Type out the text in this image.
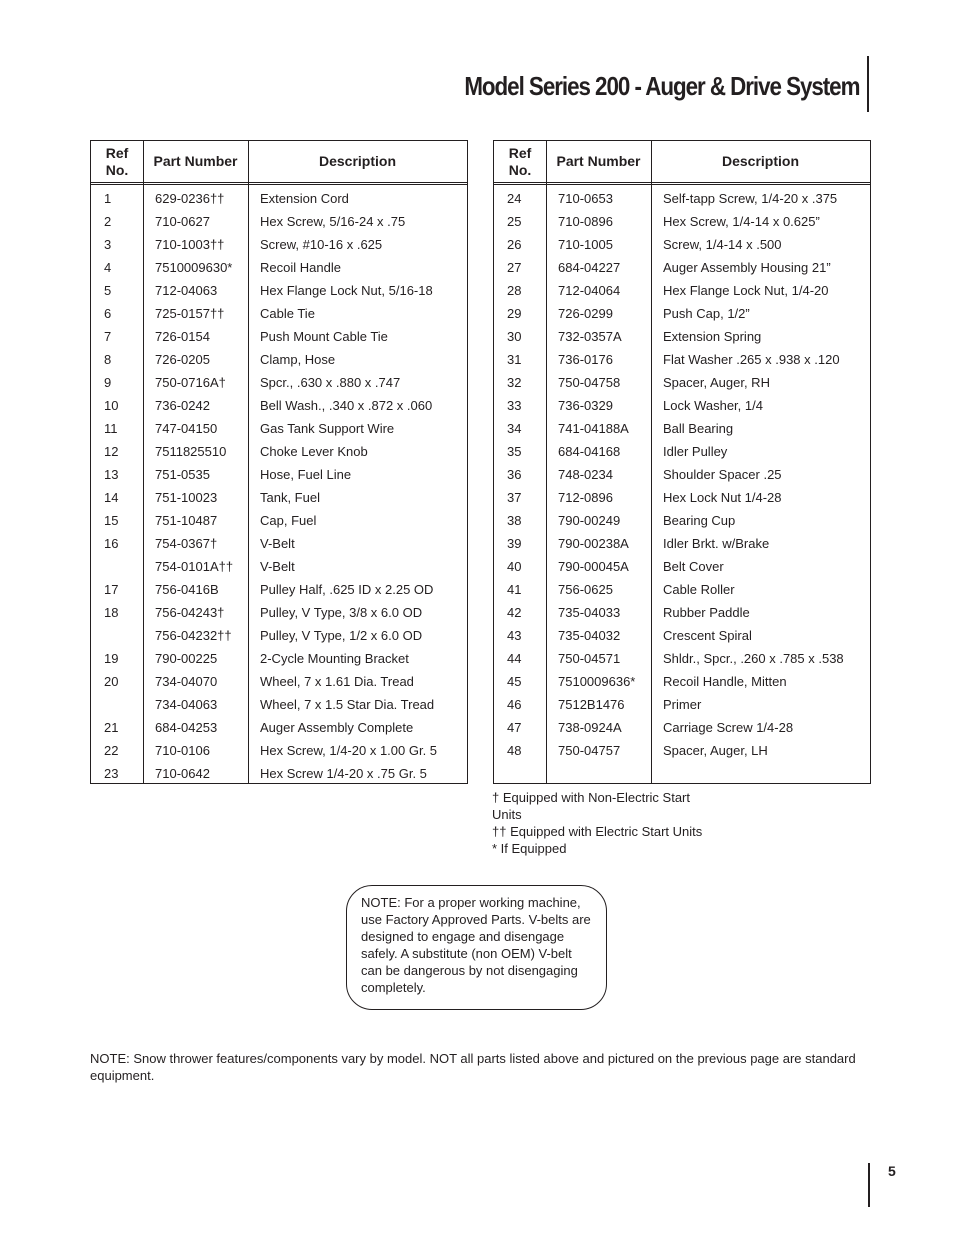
Model Series 200 - Auger & Drive System
Ref
No.
Part Number	Description
1	629-0236††	Extension Cord
2	710-0627	Hex Screw, 5/16-24 x .75
3	710-1003††	Screw, #10-16 x .625
4	7510009630* Recoil Handle
5	712-04063	Hex Flange Lock Nut, 5/16-18
6	725-0157††	Cable Tie
7	726-0154	Push Mount Cable Tie
8	726-0205	Clamp, Hose
9	750-0716A†	Spcr., .630 x .880 x .747
10	736-0242	Bell Wash., .340 x .872 x .060
11	747-04150	Gas Tank Support Wire
12	7511825510	Choke Lever Knob
13	751-0535	Hose, Fuel Line
14	751-10023	Tank, Fuel
15	751-10487	Cap, Fuel
16	754-0367†	V-Belt
754-0101A†† V-Belt
17	756-0416B	Pulley Half, .625 ID x 2.25 OD
18	756-04243†	Pulley, V Type, 3/8 x 6.0 OD
756-04232†† Pulley, V Type, 1/2 x 6.0 OD
19	790-00225	2-Cycle Mounting Bracket
20	734-04070	Wheel, 7 x 1.61 Dia. Tread
734-04063	Wheel, 7 x 1.5 Star Dia. Tread
21	684-04253	Auger Assembly Complete
22	710-0106	Hex Screw, 1/4-20 x 1.00 Gr. 5
23	710-0642	Hex Screw 1/4-20 x .75 Gr. 5
Ref
No.
Part Number	Description
24	710-0653	Self-tapp Screw, 1/4-20 x .375
25	710-0896	Hex Screw, 1/4-14 x 0.625”
26	710-1005	Screw, 1/4-14 x .500
27	684-04227	Auger Assembly Housing 21”
28	712-04064	Hex Flange Lock Nut, 1/4-20
29	726-0299	Push Cap, 1/2”
30	732-0357A	Extension Spring
31	736-0176	Flat Washer .265 x .938 x .120
32	750-04758	Spacer, Auger, RH
33	736-0329	Lock Washer, 1/4
34	741-04188A	Ball Bearing
35	684-04168	Idler Pulley
36	748-0234	Shoulder Spacer .25
37	712-0896	Hex Lock Nut 1/4-28
38	790-00249	Bearing Cup
39	790-00238A	Idler Brkt. w/Brake
40	790-00045A	Belt Cover
41	756-0625	Cable Roller
42	735-04033	Rubber Paddle
43	735-04032	Crescent Spiral
44	750-04571	Shldr., Spcr., .260 x .785 x .538
45	7510009636* Recoil Handle, Mitten
46	7512B1476	Primer
47	738-0924A	Carriage Screw 1/4-28
48	750-04757	Spacer, Auger, LH
† Equipped with Non-Electric Start Units
†† Equipped with Electric Start Units
* If Equipped
NOTE: For a proper working machine, use Factory Approved Parts. V-belts are designed to engage and disengage safely. A substitute (non OEM) V-belt can be dangerous by not disengaging completely.
NOTE: Snow thrower features/components vary by model. NOT all parts listed above and pictured on the previous page are standard equipment.
5
